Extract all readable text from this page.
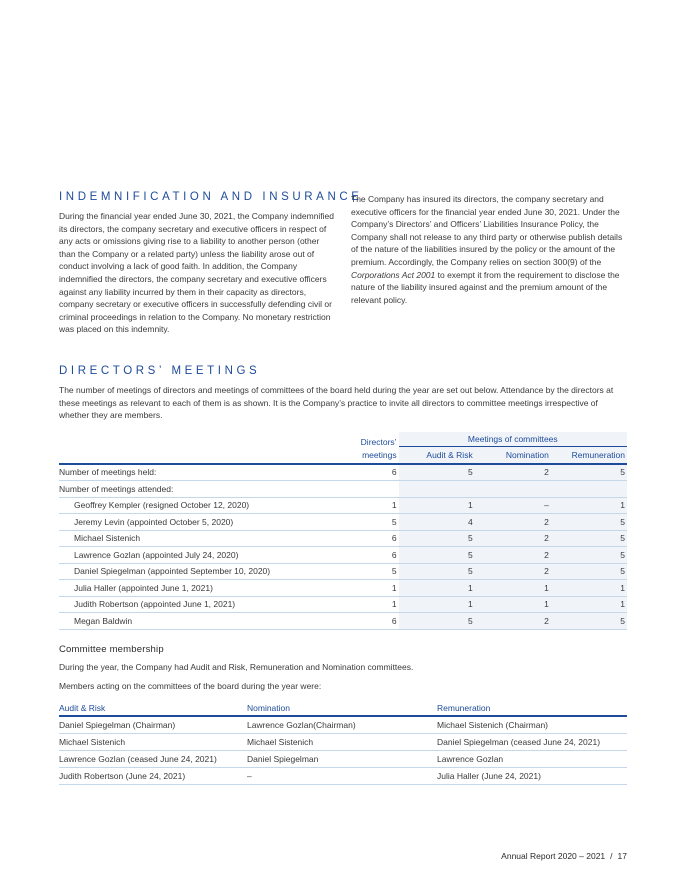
INDEMNIFICATION AND INSURANCE

During the financial year ended June 30, 2021, the Company indemnified its directors, the company secretary and executive officers in respect of any acts or omissions giving rise to a liability to another person (other than the Company or a related party) unless the liability arose out of conduct involving a lack of good faith. In addition, the Company indemnified the directors, the company secretary and executive officers against any liability incurred by them in their capacity as directors, company secretary or executive officers in successfully defending civil or criminal proceedings in relation to the Company. No monetary restriction was placed on this indemnity.

The Company has insured its directors, the company secretary and executive officers for the financial year ended June 30, 2021. Under the Company’s Directors’ and Officers’ Liabilities Insurance Policy, the Company shall not release to any third party or otherwise publish details of the nature of the liabilities insured by the policy or the amount of the premium. Accordingly, the Company relies on section 300(9) of the Corporations Act 2001 to exempt it from the requirement to disclose the nature of the liability insured against and the premium amount of the relevant policy.

DIRECTORS’ MEETINGS

The number of meetings of directors and meetings of committees of the board held during the year are set out below. Attendance by the directors at these meetings as relevant to each of them is as shown. It is the Company’s practice to invite all directors to committee meetings irrespective of whether they are members.

	Directors’	Meetings of committees		
	meetings	Audit & Risk	Nomination	Remuneration
Number of meetings held:	6	5	2	5
Number of meetings attended:				
Geoffrey Kempler (resigned October 12, 2020)	1	1	–	1
Jeremy Levin (appointed October 5, 2020)	5	4	2	5
Michael Sistenich	6	5	2	5
Lawrence Gozlan (appointed July 24, 2020)	6	5	2	5
Daniel Spiegelman (appointed September 10, 2020)	5	5	2	5
Julia Haller (appointed June 1, 2021)	1	1	1	1
Judith Robertson (appointed June 1, 2021)	1	1	1	1
Megan Baldwin	6	5	2	5
Committee membership

During the year, the Company had Audit and Risk, Remuneration and Nomination committees.

Members acting on the committees of the board during the year were:

Audit & Risk	Nomination	Remuneration
Daniel Spiegelman (Chairman)	Lawrence Gozlan(Chairman)	Michael Sistenich (Chairman)
Michael Sistenich	Michael Sistenich	Daniel Spiegelman (ceased June 24, 2021)
Lawrence Gozlan (ceased June 24, 2021)	Daniel Spiegelman	Lawrence Gozlan
Judith Robertson (June 24, 2021)	–	Julia Haller (June 24, 2021)
Annual Report 2020 – 2021 / 17
